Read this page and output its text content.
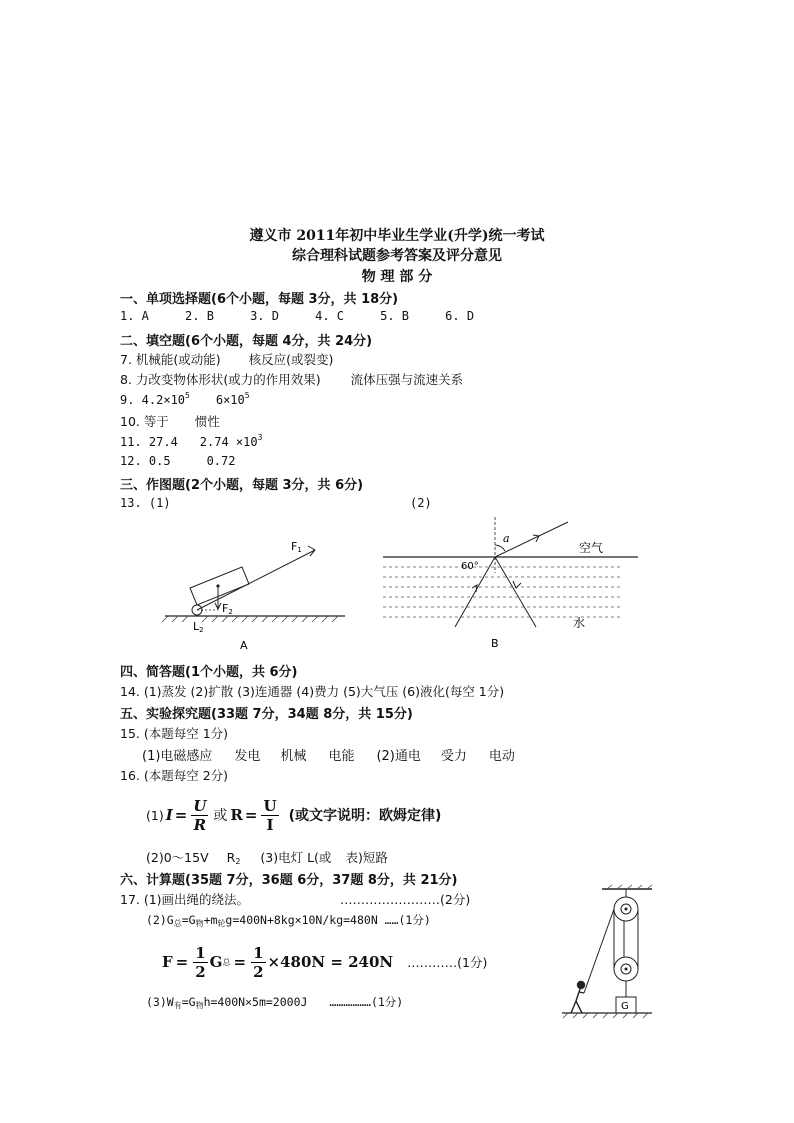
遵义市 2011年初中毕业生学业(升学)统一考试
综合理科试题参考答案及评分意见
物 理 部 分
一、单项选择题(6个小题，每题 3分，共 18分)
1. A	2. B	3. D	4. C	5. B	6. D
二、填空题(6个小题，每题 4分，共 24分)
7. 机械能(或动能) 核反应(或裂变)
8. 力改变物体形状(或力的作用效果) 流体压强与流速关系
9. $4.2\times 10^5$ $6\times 10^5$
10. 等于 惯性
11. 27.4 $2.74 \times 10^3$
12. 0.5	0.72
三、作图题(2个小题，每题 3分，共 6分)
13. (1)	(2)
F1
F2
L2
A
a
60°
空气
水
B
四、简答题(1个小题，共 6分)
14. (1)蒸发 (2)扩散 (3)连通器 (4)费力 (5)大气压 (6)液化(每空 1分)
五、实验探究题(33题 7分，34题 8分，共 15分)
15. (本题每空 1分)
(1)电磁感应 发电 机械 电能 (2)通电 受力 电动
16. (本题每空 2分)
(1) $I = \frac{U}{R}$ 或 $R = \frac{U}{I}$ (或文字说明：欧姆定律)
(2)0～15V $R_2$ (3)电灯 L(或 表)短路
六、计算题(35题 7分，36题 6分，37题 8分，共 21分)
17. (1)画出绳的绕法。	……………………(2分)
$(2)G_总=G_物+m_轮g=400N+8kg\times 10N/kg=480N$ ……(1分)
$F = \frac{1}{2}$ G 总 = $\frac{1}{2} \times 480N = 240N$ …………(1分)
$(3)W_有=G_物h=400N\times 5m=2000J$ ………………(1分)	G
